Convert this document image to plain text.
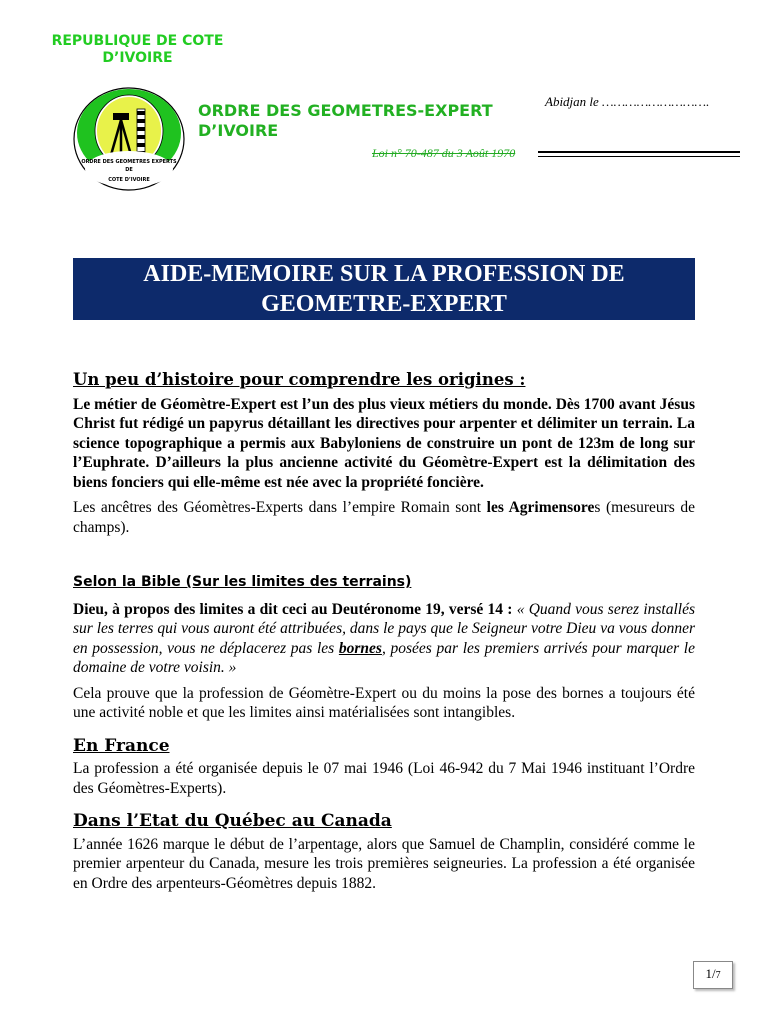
REPUBLIQUE DE COTE
D’IVOIRE
ORDRE DES GEOMETRES EXPERTS
DE
COTE D’IVOIRE
ORDRE DES GEOMETRES-EXPERT
D’IVOIRE
Abidjan le ……………………….
Loi n° 70-487 du 3 Août 1970
AIDE-MEMOIRE SUR LA PROFESSION DE
GEOMETRE-EXPERT
Un peu d’histoire pour comprendre les origines :

Le métier de Géomètre-Expert est l’un des plus vieux métiers du monde. Dès 1700 avant Jésus Christ fut rédigé un papyrus détaillant les directives pour arpenter et délimiter un terrain. La science topographique a permis aux Babyloniens de construire un pont de 123m de long sur l’Euphrate. D’ailleurs la plus ancienne activité du Géomètre-Expert est la délimitation des biens fonciers qui elle-même est née avec la propriété foncière.

Les ancêtres des Géomètres-Experts dans l’empire Romain sont les Agrimensores (mesureurs de champs).

Selon la Bible (Sur les limites des terrains)

Dieu, à propos des limites a dit ceci au Deutéronome 19, versé 14 : « Quand vous serez installés sur les terres qui vous auront été attribuées, dans le pays que le Seigneur votre Dieu va vous donner en possession, vous ne déplacerez pas les bornes, posées par les premiers arrivés pour marquer le domaine de votre voisin. »

Cela prouve que la profession de Géomètre-Expert ou du moins la pose des bornes a toujours été une activité noble et que les limites ainsi matérialisées sont intangibles.

En France

La profession a été organisée depuis le 07 mai 1946 (Loi 46-942 du 7 Mai 1946 instituant l’Ordre des Géomètres-Experts).

Dans l’Etat du Québec au Canada

L’année 1626 marque le début de l’arpentage, alors que Samuel de Champlin, considéré comme le premier arpenteur du Canada, mesure les trois premières seigneuries. La profession a été organisée en Ordre des arpenteurs-Géomètres depuis 1882.

1/7
